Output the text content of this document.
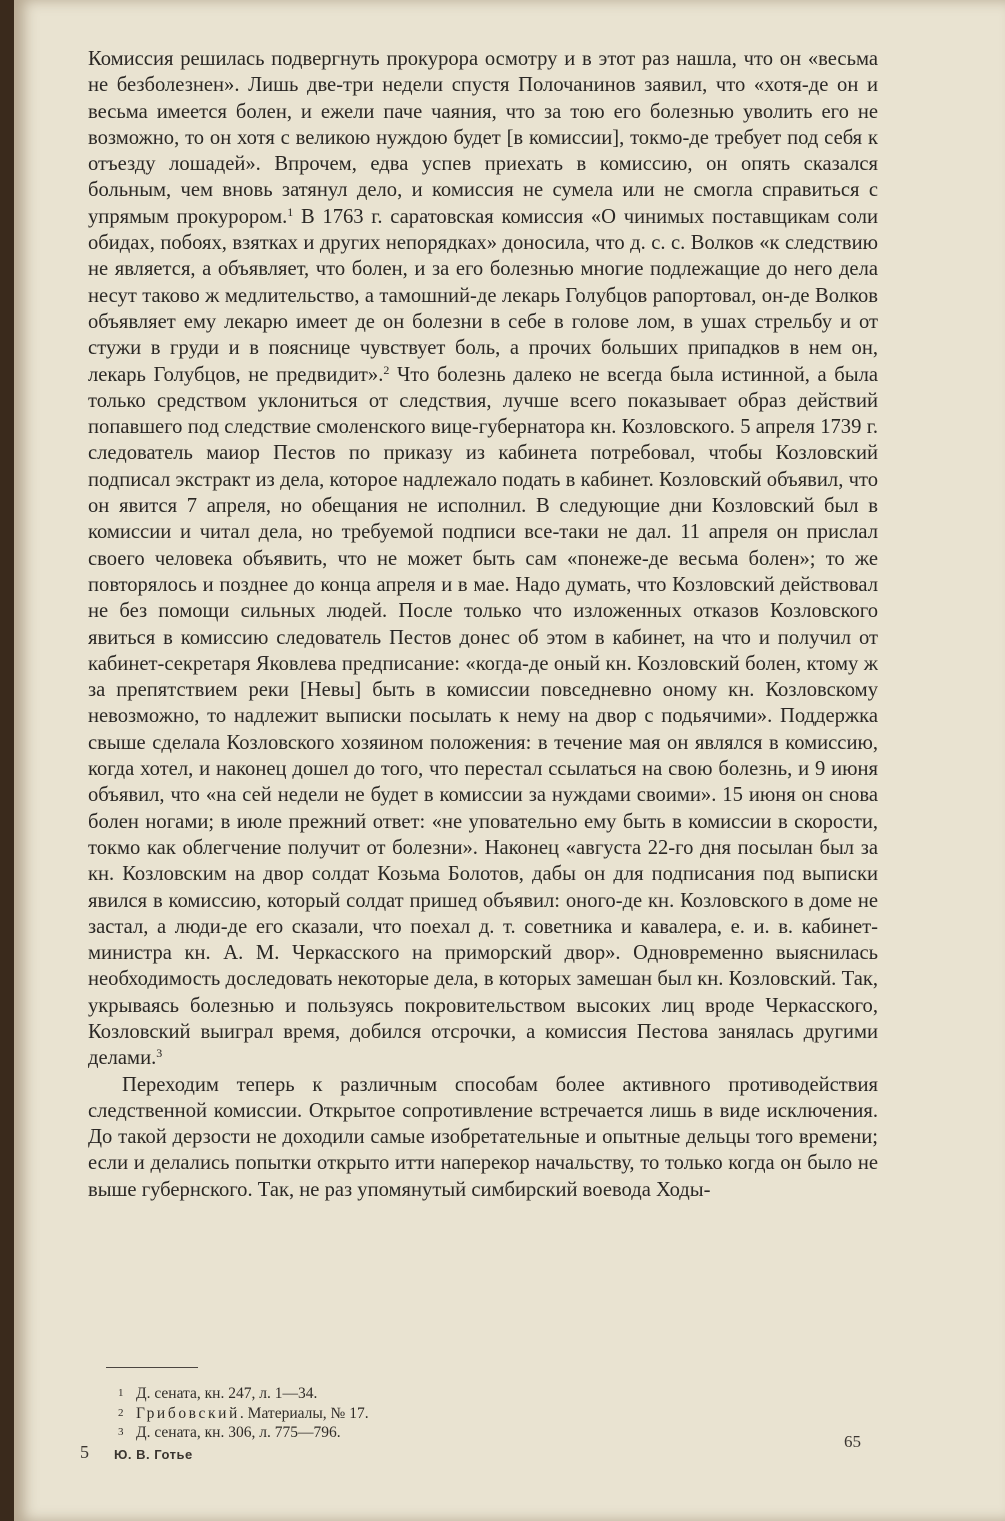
Комиссия решилась подвергнуть прокурора осмотру и в этот раз нашла, что он «весьма не безболезнен». Лишь две-три недели спустя Полочанинов заявил, что «хотя-де он и весьма имеется болен, и ежели паче чаяния, что за тою его болезнью уволить его не возможно, то он хотя с великою нуждою будет [в комиссии], токмо-де требует под себя к отъезду лошадей». Впрочем, едва успев приехать в комиссию, он опять сказался больным, чем вновь затянул дело, и комиссия не сумела или не смогла справиться с упрямым прокурором.$^1$ В 1763 г. саратовская комиссия «О чинимых поставщикам соли обидах, побоях, взятках и других непорядках» доносила, что д. с. с. Волков «к следствию не является, а объявляет, что болен, и за его болезнью многие подлежащие до него дела несут таково ж медлительство, а тамошний-де лекарь Голубцов рапортовал, он-де Волков объявляет ему лекарю имеет де он болезни в себе в голове лом, в ушах стрельбу и от стужи в груди и в пояснице чувствует боль, а прочих больших припадков в нем он, лекарь Голубцов, не предвидит».$^2$ Что болезнь далеко не всегда была истинной, а была только средством уклониться от следствия, лучше всего показывает образ действий попавшего под следствие смоленского вице-губернатора кн. Козловского. 5 апреля 1739 г. следователь маиор Пестов по приказу из кабинета потребовал, чтобы Козловский подписал экстракт из дела, которое надлежало подать в кабинет. Козловский объявил, что он явится 7 апреля, но обещания не исполнил. В следующие дни Козловский был в комиссии и читал дела, но требуемой подписи все-таки не дал. 11 апреля он прислал своего человека объявить, что не может быть сам «понеже-де весьма болен»; то же повторялось и позднее до конца апреля и в мае. Надо думать, что Козловский действовал не без помощи сильных людей. После только что изложенных отказов Козловского явиться в комиссию следователь Пестов донес об этом в кабинет, на что и получил от кабинет-секретаря Яковлева предписание: «когда-де оный кн. Козловский болен, ктому ж за препятствием реки [Невы] быть в комиссии повседневно оному кн. Козловскому невозможно, то надлежит выписки посылать к нему на двор с подьячими». Поддержка свыше сделала Козловского хозяином положения: в течение мая он являлся в комиссию, когда хотел, и наконец дошел до того, что перестал ссылаться на свою болезнь, и 9 июня объявил, что «на сей недели не будет в комиссии за нуждами своими». 15 июня он снова болен ногами; в июле прежний ответ: «не уповательно ему быть в комиссии в скорости, токмо как облегчение получит от болезни». Наконец «августа 22-го дня посылан был за кн. Козловским на двор солдат Козьма Болотов, дабы он для подписания под выписки явился в комиссию, который солдат пришед объявил: оного-де кн. Козловского в доме не застал, а люди-де его сказали, что поехал д. т. советника и кавалера, е. и. в. кабинет-министра кн. А. М. Черкасского на приморский двор». Одновременно выяснилась необходимость доследовать некоторые дела, в которых замешан был кн. Козловский. Так, укрываясь болезнью и пользуясь покровительством высоких лиц вроде Черкасского, Козловский выиграл время, добился отсрочки, а комиссия Пестова занялась другими делами.$^3$

Переходим теперь к различным способам более активного противодействия следственной комиссии. Открытое сопротивление встречается лишь в виде исключения. До такой дерзости не доходили самые изобретательные и опытные дельцы того времени; если и делались попытки открыто итти наперекор начальству, то только когда он было не выше губернского. Так, не раз упомянутый симбирский воевода Ходы-

1 Д. сената, кн. 247, л. 1—34.
2 Грибовский. Материалы, № 17.
3 Д. сената, кн. 306, л. 775—796.
5 Ю. В. Готье
65
